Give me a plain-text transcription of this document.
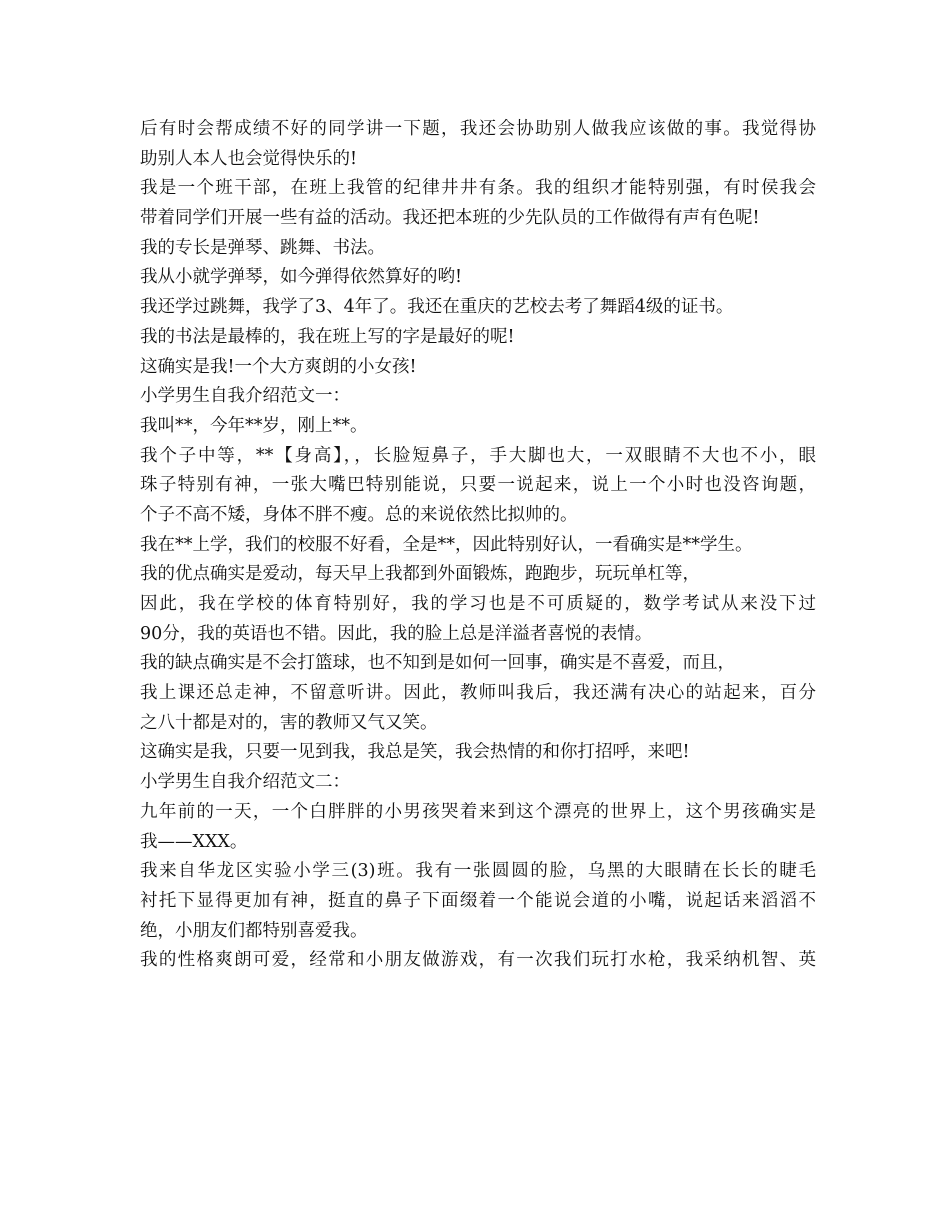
后有时会帮成绩不好的同学讲一下题，我还会协助别人做我应该做的事。我觉得协
助别人本人也会觉得快乐的!
我是一个班干部，在班上我管的纪律井井有条。我的组织才能特别强，有时侯我会
带着同学们开展一些有益的活动。我还把本班的少先队员的工作做得有声有色呢!
我的专长是弹琴、跳舞、书法。
我从小就学弹琴，如今弹得依然算好的哟!
我还学过跳舞，我学了3、4年了。我还在重庆的艺校去考了舞蹈4级的证书。
我的书法是最棒的，我在班上写的字是最好的呢!
这确实是我!一个大方爽朗的小女孩!
小学男生自我介绍范文一：
我叫**，今年**岁，刚上**。
我个子中等，**【身高】，，长脸短鼻子，手大脚也大，一双眼睛不大也不小，眼
珠子特别有神，一张大嘴巴特别能说，只要一说起来，说上一个小时也没咨询题，
个子不高不矮，身体不胖不瘦。总的来说依然比拟帅的。
我在**上学，我们的校服不好看，全是**，因此特别好认，一看确实是**学生。
我的优点确实是爱动，每天早上我都到外面锻炼，跑跑步，玩玩单杠等，
因此，我在学校的体育特别好，我的学习也是不可质疑的，数学考试从来没下过
90分，我的英语也不错。因此，我的脸上总是洋溢者喜悦的表情。
我的缺点确实是不会打篮球，也不知到是如何一回事，确实是不喜爱，而且，
我上课还总走神，不留意听讲。因此，教师叫我后，我还满有决心的站起来，百分
之八十都是对的，害的教师又气又笑。
这确实是我，只要一见到我，我总是笑，我会热情的和你打招呼，来吧!
小学男生自我介绍范文二：
九年前的一天，一个白胖胖的小男孩哭着来到这个漂亮的世界上，这个男孩确实是
我——XXX。
我来自华龙区实验小学三(3)班。我有一张圆圆的脸，乌黑的大眼睛在长长的睫毛
衬托下显得更加有神，挺直的鼻子下面缀着一个能说会道的小嘴，说起话来滔滔不
绝，小朋友们都特别喜爱我。
我的性格爽朗可爱，经常和小朋友做游戏，有一次我们玩打水枪，我采纳机智、英
